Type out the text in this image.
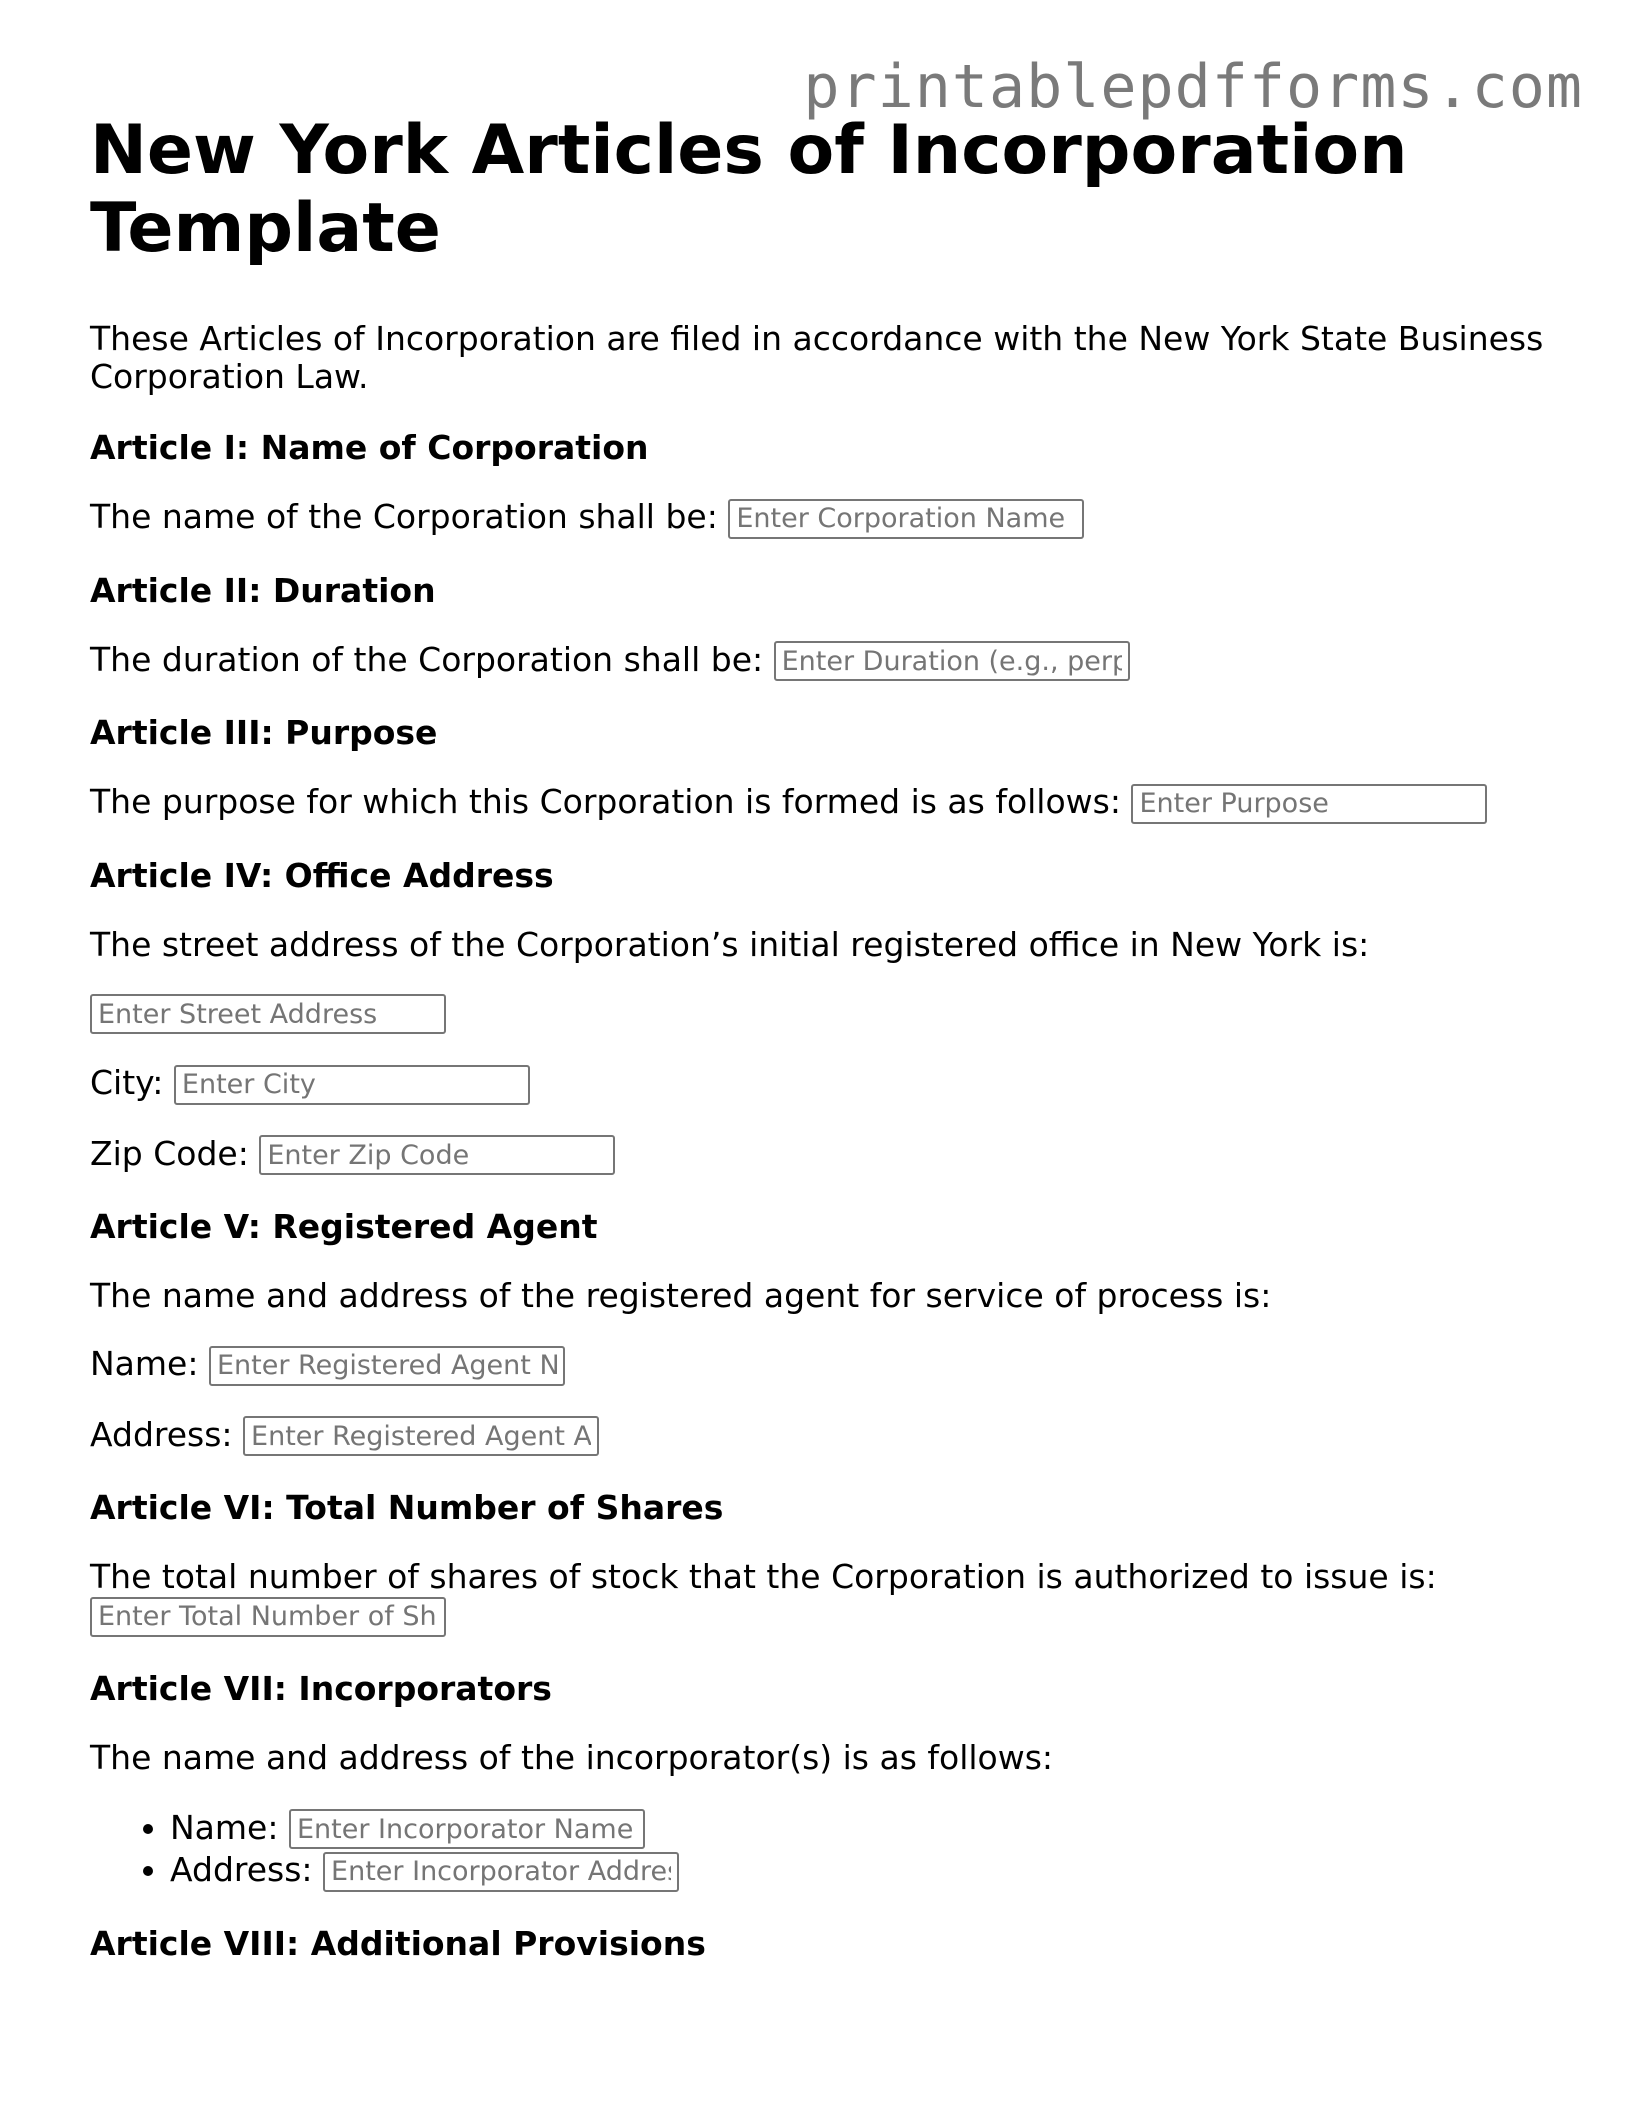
printablepdfforms.com
New York Articles of Incorporation Template

These Articles of Incorporation are filed in accordance with the New York State Business Corporation Law.

Article I: Name of Corporation

The name of the Corporation shall be: Enter Corporation Name

Article II: Duration

The duration of the Corporation shall be: Enter Duration (e.g., perpetual)

Article III: Purpose

The purpose for which this Corporation is formed is as follows: Enter Purpose

Article IV: Office Address

The street address of the Corporation’s initial registered office in New York is:

Enter Street Address

City: Enter City

Zip Code: Enter Zip Code

Article V: Registered Agent

The name and address of the registered agent for service of process is:

Name: Enter Registered Agent Name

Address: Enter Registered Agent Address

Article VI: Total Number of Shares

The total number of shares of stock that the Corporation is authorized to issue is: Enter Total Number of Shares

Article VII: Incorporators

The name and address of the incorporator(s) is as follows:

• Name: Enter Incorporator Name
• Address: Enter Incorporator Address
Article VIII: Additional Provisions
